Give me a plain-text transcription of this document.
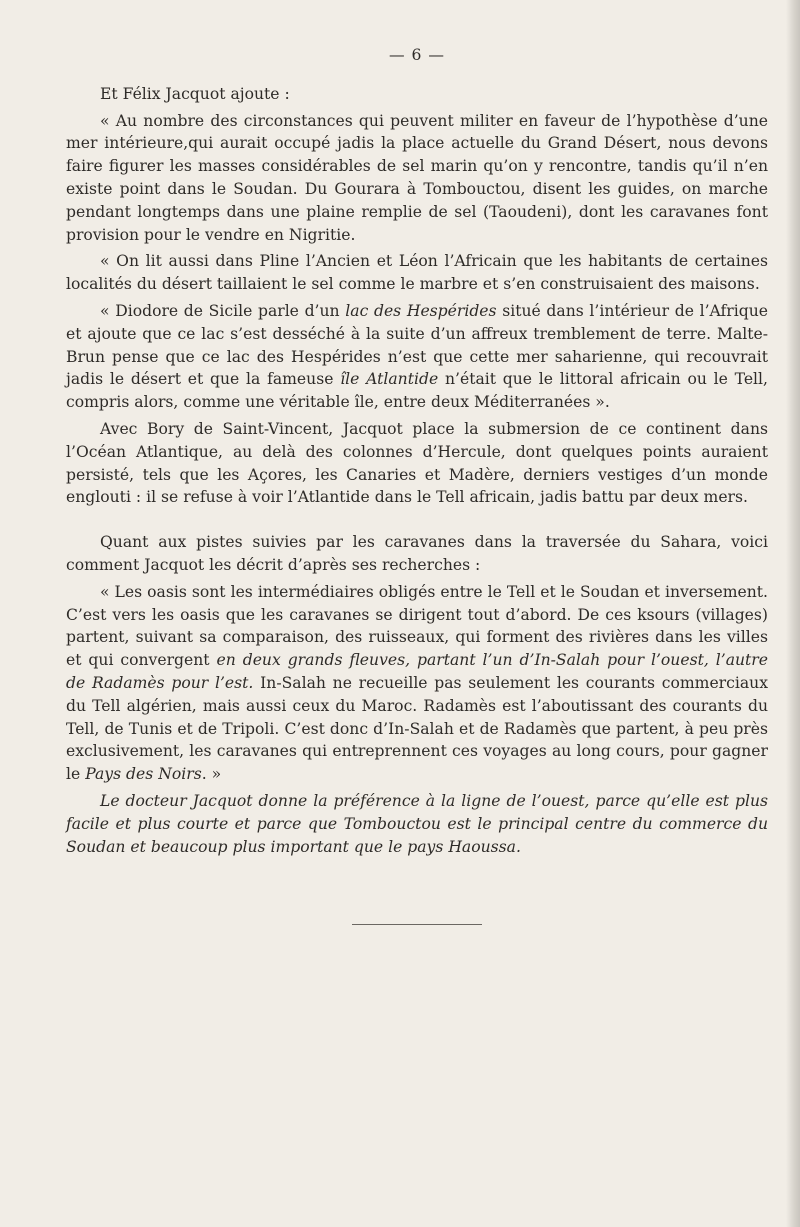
— 6 —

Et Félix Jacquot ajoute :

« Au nombre des circonstances qui peuvent militer en faveur de l’hypothèse d’une mer intérieure,qui aurait occupé jadis la place actuelle du Grand Désert, nous devons faire figurer les masses considérables de sel marin qu’on y rencontre, tandis qu’il n’en existe point dans le Soudan. Du Gourara à Tombouctou, disent les guides, on marche pendant longtemps dans une plaine remplie de sel (Taoudeni), dont les caravanes font provision pour le vendre en Nigritie.

« On lit aussi dans Pline l’Ancien et Léon l’Africain que les habitants de certaines localités du désert taillaient le sel comme le marbre et s’en construisaient des maisons.

« Diodore de Sicile parle d’un lac des Hespérides situé dans l’intérieur de l’Afrique et ajoute que ce lac s’est desséché à la suite d’un affreux tremblement de terre. Malte-Brun pense que ce lac des Hespérides n’est que cette mer saharienne, qui recouvrait jadis le désert et que la fameuse île Atlantide n’était que le littoral africain ou le Tell, compris alors, comme une véritable île, entre deux Méditerranées ».

Avec Bory de Saint-Vincent, Jacquot place la submersion de ce continent dans l’Océan Atlantique, au delà des colonnes d’Hercule, dont quelques points auraient persisté, tels que les Açores, les Canaries et Madère, derniers vestiges d’un monde englouti : il se refuse à voir l’Atlantide dans le Tell africain, jadis battu par deux mers.

Quant aux pistes suivies par les caravanes dans la traversée du Sahara, voici comment Jacquot les décrit d’après ses recherches :

« Les oasis sont les intermédiaires obligés entre le Tell et le Soudan et inversement. C’est vers les oasis que les caravanes se dirigent tout d’abord. De ces ksours (villages) partent, suivant sa comparaison, des ruisseaux, qui forment des rivières dans les villes et qui convergent en deux grands fleuves, partant l’un d’In-Salah pour l’ouest, l’autre de Radamès pour l’est. In-Salah ne recueille pas seulement les courants commerciaux du Tell algérien, mais aussi ceux du Maroc. Radamès est l’aboutissant des courants du Tell, de Tunis et de Tripoli. C’est donc d’In-Salah et de Radamès que partent, à peu près exclusivement, les caravanes qui entreprennent ces voyages au long cours, pour gagner le Pays des Noirs. »

Le docteur Jacquot donne la préférence à la ligne de l’ouest, parce qu’elle est plus facile et plus courte et parce que Tombouctou est le principal centre du commerce du Soudan et beaucoup plus important que le pays Haoussa.
